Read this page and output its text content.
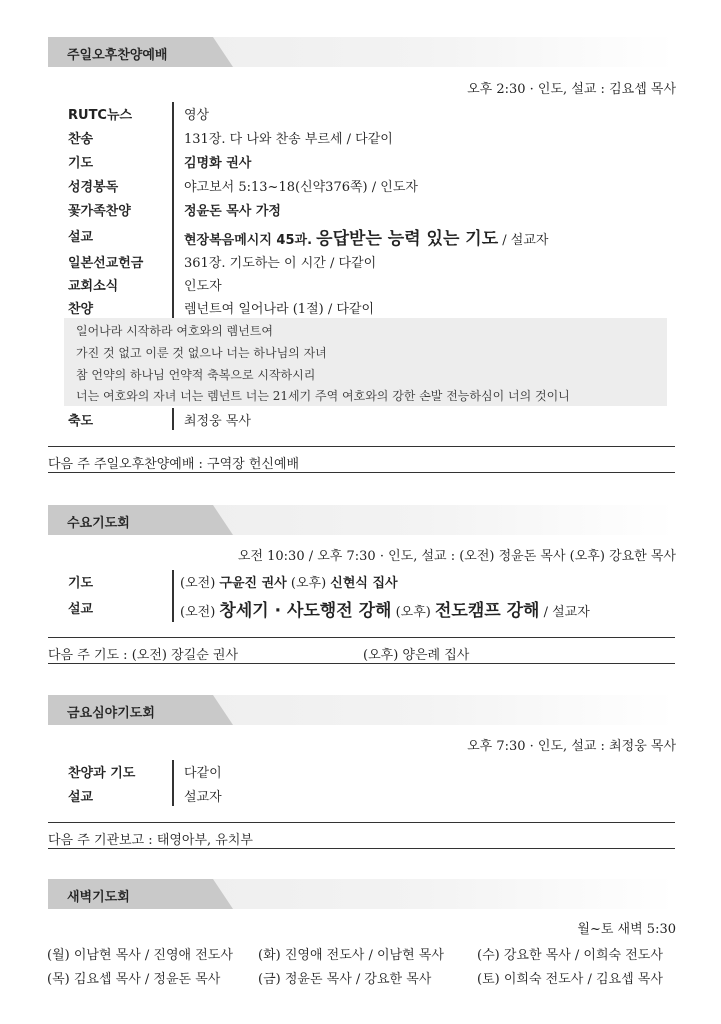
주일오후찬양예배
오후 2:30 · 인도, 설교 : 김요셉 목사
RUTC뉴스	영상
찬송	131장. 다 나와 찬송 부르세 / 다같이
기도	김명화 권사
성경봉독	야고보서 5:13~18(신약376쪽) / 인도자
꽃가족찬양	정윤돈 목사 가정
설교	현장복음메시지 45과. 응답받는 능력 있는 기도 / 설교자
일본선교헌금	361장. 기도하는 이 시간 / 다같이
교회소식	인도자
찬양	렘넌트여 일어나라 (1절) / 다같이
일어나라 시작하라 여호와의 렘넌트여
가진 것 없고 이룬 것 없으나 너는 하나님의 자녀
참 언약의 하나님 언약적 축복으로 시작하시리
너는 여호와의 자녀 너는 렘넌트 너는 21세기 주역 여호와의 강한 손발 전능하심이 너의 것이니
축도	최정웅 목사
다음 주 주일오후찬양예배 : 구역장 헌신예배
수요기도회
오전 10:30 / 오후 7:30 · 인도, 설교 : (오전) 정윤돈 목사 (오후) 강요한 목사
기도	(오전) 구윤진 권사 (오후) 신현식 집사
설교	(오전) 창세기 · 사도행전 강해 (오후) 전도캠프 강해 / 설교자
다음 주 기도 : (오전) 장길순 권사	(오후) 양은례 집사
금요심야기도회
오후 7:30 · 인도, 설교 : 최정웅 목사
찬양과 기도	다같이
설교	설교자
다음 주 기관보고 : 태영아부, 유치부
새벽기도회
월~토 새벽 5:30
(월) 이남현 목사 / 진영애 전도사 (화) 진영애 전도사 / 이남현 목사	(수) 강요한 목사 / 이희숙 전도사
(목) 김요셉 목사 / 정윤돈 목사	(금) 정윤돈 목사 / 강요한 목사	(토) 이희숙 전도사 / 김요셉 목사
